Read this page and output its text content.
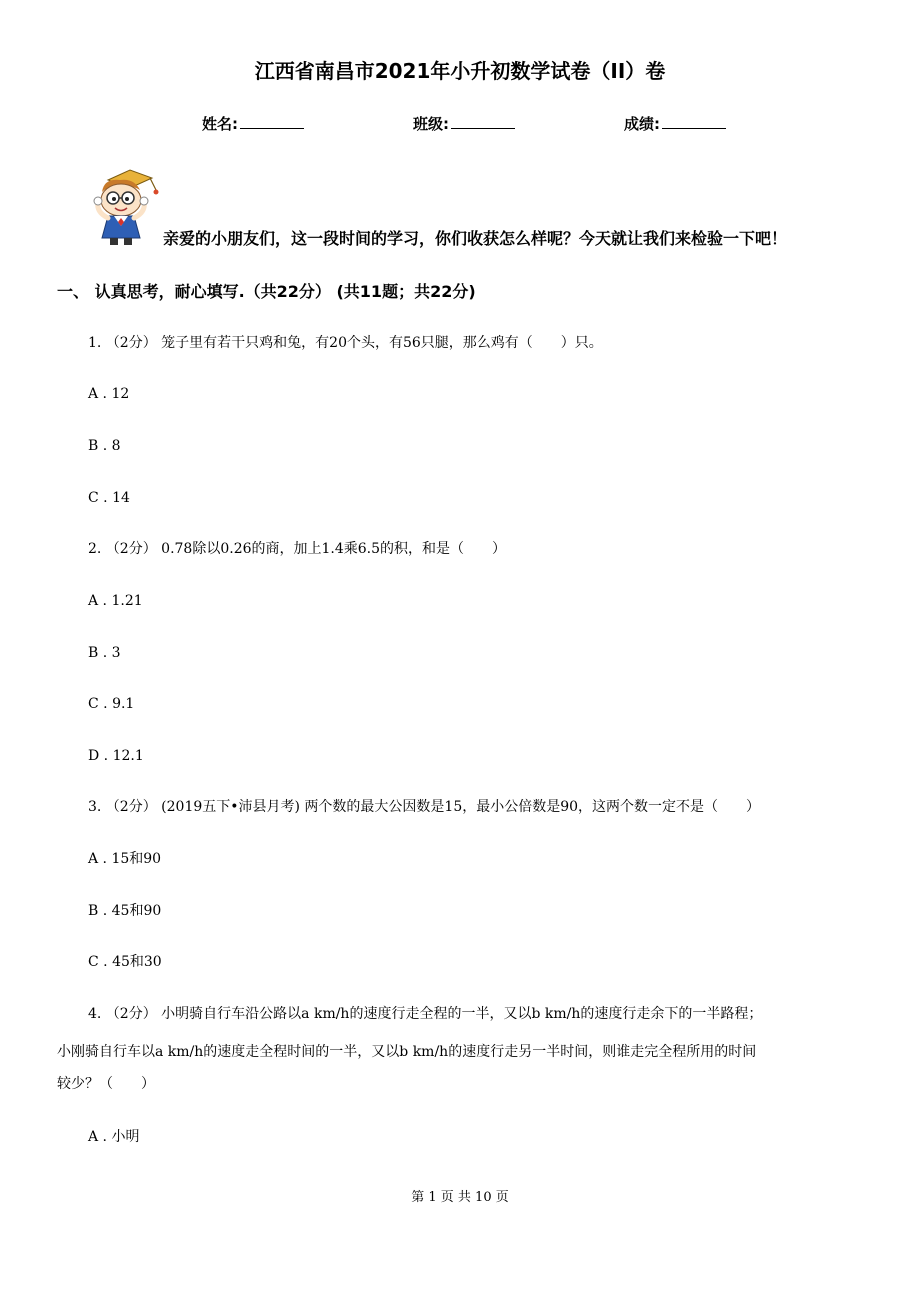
江西省南昌市2021年小升初数学试卷（II）卷
姓名:	班级:	成绩:
亲爱的小朋友们，这一段时间的学习，你们收获怎么样呢？今天就让我们来检验一下吧！
一、 认真思考，耐心填写.（共22分） (共11题；共22分)
1. （2分） 笼子里有若干只鸡和兔，有20个头，有56只腿，那么鸡有（　　）只。
A . 12
B . 8
C . 14
2. （2分） 0.78除以0.26的商，加上1.4乘6.5的积，和是（　　）
A . 1.21
B . 3
C . 9.1
D . 12.1
3. （2分） (2019五下•沛县月考) 两个数的最大公因数是15，最小公倍数是90，这两个数一定不是（　　）
A . 15和90
B . 45和90
C . 45和30
4. （2分） 小明骑自行车沿公路以a km/h的速度行走全程的一半，又以b km/h的速度行走余下的一半路程；
小刚骑自行车以a km/h的速度走全程时间的一半，又以b km/h的速度行走另一半时间，则谁走完全程所用的时间
较少？（　　）
A . 小明
第 1 页 共 10 页
